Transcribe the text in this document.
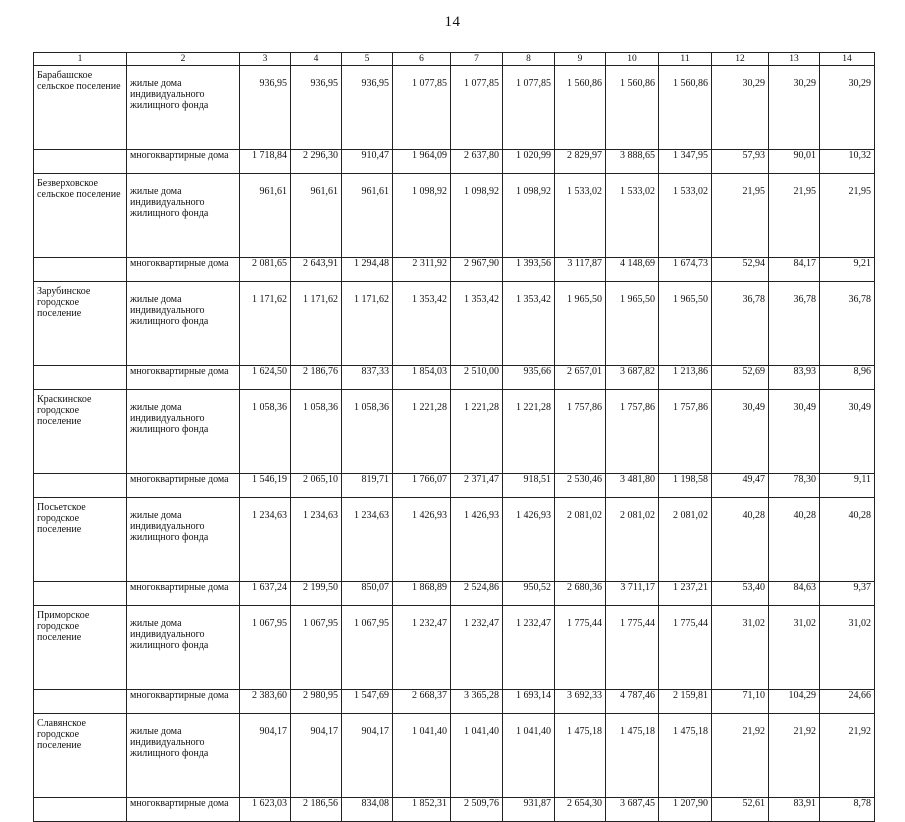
14
1	2	3	4	5	6	7	8	9	10	11	12	13	14
Барабашское сельское поселение	жилые дома индивидуального жилищного фонда	936,95	936,95	936,95	1 077,85	1 077,85	1 077,85	1 560,86	1 560,86	1 560,86	30,29	30,29	30,29
	многоквартирные дома	1 718,84	2 296,30	910,47	1 964,09	2 637,80	1 020,99	2 829,97	3 888,65	1 347,95	57,93	90,01	10,32
Безверховское сельское поселение	жилые дома индивидуального жилищного фонда	961,61	961,61	961,61	1 098,92	1 098,92	1 098,92	1 533,02	1 533,02	1 533,02	21,95	21,95	21,95
	многоквартирные дома	2 081,65	2 643,91	1 294,48	2 311,92	2 967,90	1 393,56	3 117,87	4 148,69	1 674,73	52,94	84,17	9,21
Зарубинское городское поселение	жилые дома индивидуального жилищного фонда	1 171,62	1 171,62	1 171,62	1 353,42	1 353,42	1 353,42	1 965,50	1 965,50	1 965,50	36,78	36,78	36,78
	многоквартирные дома	1 624,50	2 186,76	837,33	1 854,03	2 510,00	935,66	2 657,01	3 687,82	1 213,86	52,69	83,93	8,96
Краскинское городское поселение	жилые дома индивидуального жилищного фонда	1 058,36	1 058,36	1 058,36	1 221,28	1 221,28	1 221,28	1 757,86	1 757,86	1 757,86	30,49	30,49	30,49
	многоквартирные дома	1 546,19	2 065,10	819,71	1 766,07	2 371,47	918,51	2 530,46	3 481,80	1 198,58	49,47	78,30	9,11
Посьетское городское поселение	жилые дома индивидуального жилищного фонда	1 234,63	1 234,63	1 234,63	1 426,93	1 426,93	1 426,93	2 081,02	2 081,02	2 081,02	40,28	40,28	40,28
	многоквартирные дома	1 637,24	2 199,50	850,07	1 868,89	2 524,86	950,52	2 680,36	3 711,17	1 237,21	53,40	84,63	9,37
Приморское городское поселение	жилые дома индивидуального жилищного фонда	1 067,95	1 067,95	1 067,95	1 232,47	1 232,47	1 232,47	1 775,44	1 775,44	1 775,44	31,02	31,02	31,02
	многоквартирные дома	2 383,60	2 980,95	1 547,69	2 668,37	3 365,28	1 693,14	3 692,33	4 787,46	2 159,81	71,10	104,29	24,66
Славянское городское поселение	жилые дома индивидуального жилищного фонда	904,17	904,17	904,17	1 041,40	1 041,40	1 041,40	1 475,18	1 475,18	1 475,18	21,92	21,92	21,92
	многоквартирные дома	1 623,03	2 186,56	834,08	1 852,31	2 509,76	931,87	2 654,30	3 687,45	1 207,90	52,61	83,91	8,78
